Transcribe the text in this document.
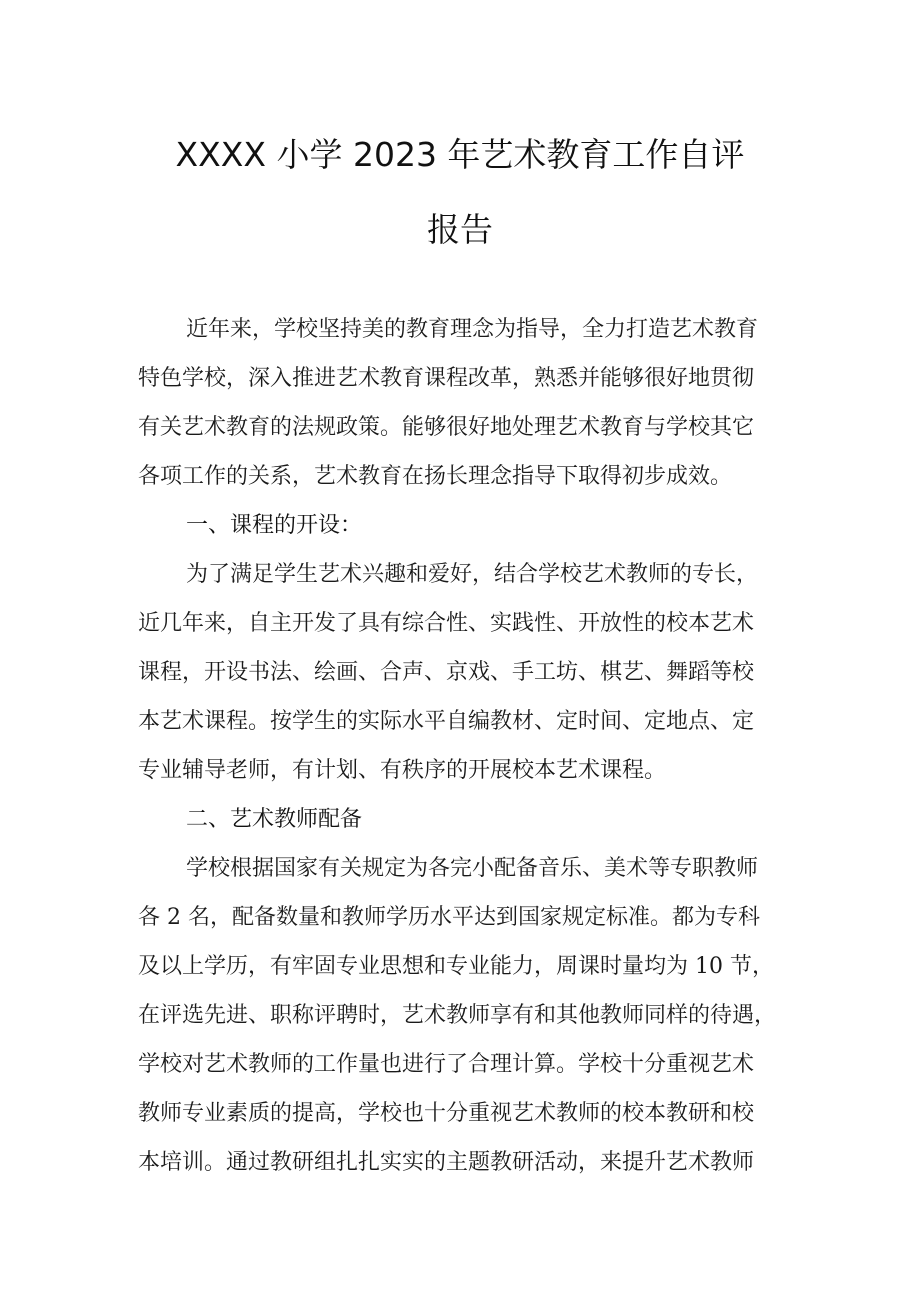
XXXX 小学 2023 年艺术教育工作自评
报告
近年来，学校坚持美的教育理念为指导，全力打造艺术教育
特色学校，深入推进艺术教育课程改革，熟悉并能够很好地贯彻
有关艺术教育的法规政策。能够很好地处理艺术教育与学校其它
各项工作的关系，艺术教育在扬长理念指导下取得初步成效。
一、课程的开设：
为了满足学生艺术兴趣和爱好，结合学校艺术教师的专长，
近几年来，自主开发了具有综合性、实践性、开放性的校本艺术
课程，开设书法、绘画、合声、京戏、手工坊、棋艺、舞蹈等校
本艺术课程。按学生的实际水平自编教材、定时间、定地点、定
专业辅导老师，有计划、有秩序的开展校本艺术课程。
二、艺术教师配备
学校根据国家有关规定为各完小配备音乐、美术等专职教师
各 2 名，配备数量和教师学历水平达到国家规定标准。都为专科
及以上学历，有牢固专业思想和专业能力，周课时量均为 10 节，
在评选先进、职称评聘时，艺术教师享有和其他教师同样的待遇，
学校对艺术教师的工作量也进行了合理计算。学校十分重视艺术
教师专业素质的提高，学校也十分重视艺术教师的校本教研和校
本培训。通过教研组扎扎实实的主题教研活动，来提升艺术教师
